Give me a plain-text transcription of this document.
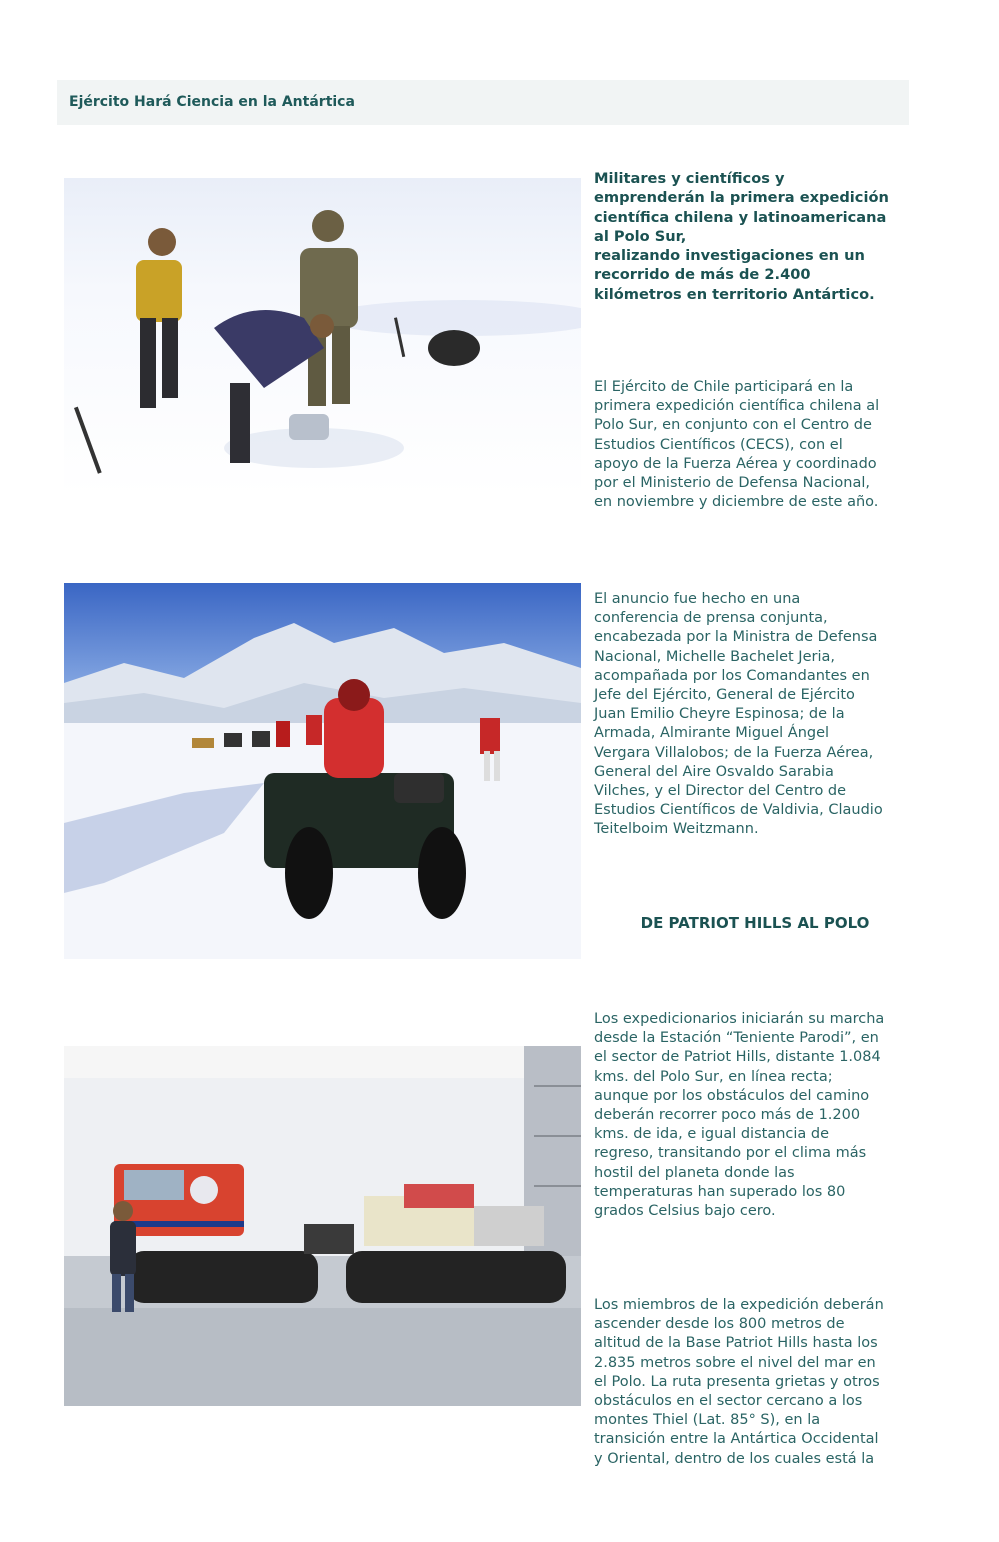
Ejército Hará Ciencia en la Antártica

Militares y científicos y
emprenderán la primera expedición
científica chilena y latinoamericana
al Polo Sur,
realizando investigaciones en un
recorrido de más de 2.400
kilómetros en territorio Antártico.

El Ejército de Chile participará en la
primera expedición científica chilena al
Polo Sur, en conjunto con el Centro de
Estudios Científicos (CECS), con el
apoyo de la Fuerza Aérea y coordinado
por el Ministerio de Defensa Nacional,
en noviembre y diciembre de este año.

El anuncio fue hecho en una
conferencia de prensa conjunta,
encabezada por la Ministra de Defensa
Nacional, Michelle Bachelet Jeria,
acompañada por los Comandantes en
Jefe del Ejército, General de Ejército
Juan Emilio Cheyre Espinosa; de la
Armada, Almirante Miguel Ángel
Vergara Villalobos; de la Fuerza Aérea,
General del Aire Osvaldo Sarabia
Vilches, y el Director del Centro de
Estudios Científicos de Valdivia, Claudio
Teitelboim Weitzmann.

DE PATRIOT HILLS AL POLO

Los expedicionarios iniciarán su marcha
desde la Estación “Teniente Parodi”, en
el sector de Patriot Hills, distante 1.084
kms. del Polo Sur, en línea recta;
aunque por los obstáculos del camino
deberán recorrer poco más de 1.200
kms. de ida, e igual distancia de
regreso, transitando por el clima más
hostil del planeta donde las
temperaturas han superado los 80
grados Celsius bajo cero.

Los miembros de la expedición deberán
ascender desde los 800 metros de
altitud de la Base Patriot Hills hasta los
2.835 metros sobre el nivel del mar en
el Polo. La ruta presenta grietas y otros
obstáculos en el sector cercano a los
montes Thiel (Lat. 85° S), en la
transición entre la Antártica Occidental
y Oriental, dentro de los cuales está la
